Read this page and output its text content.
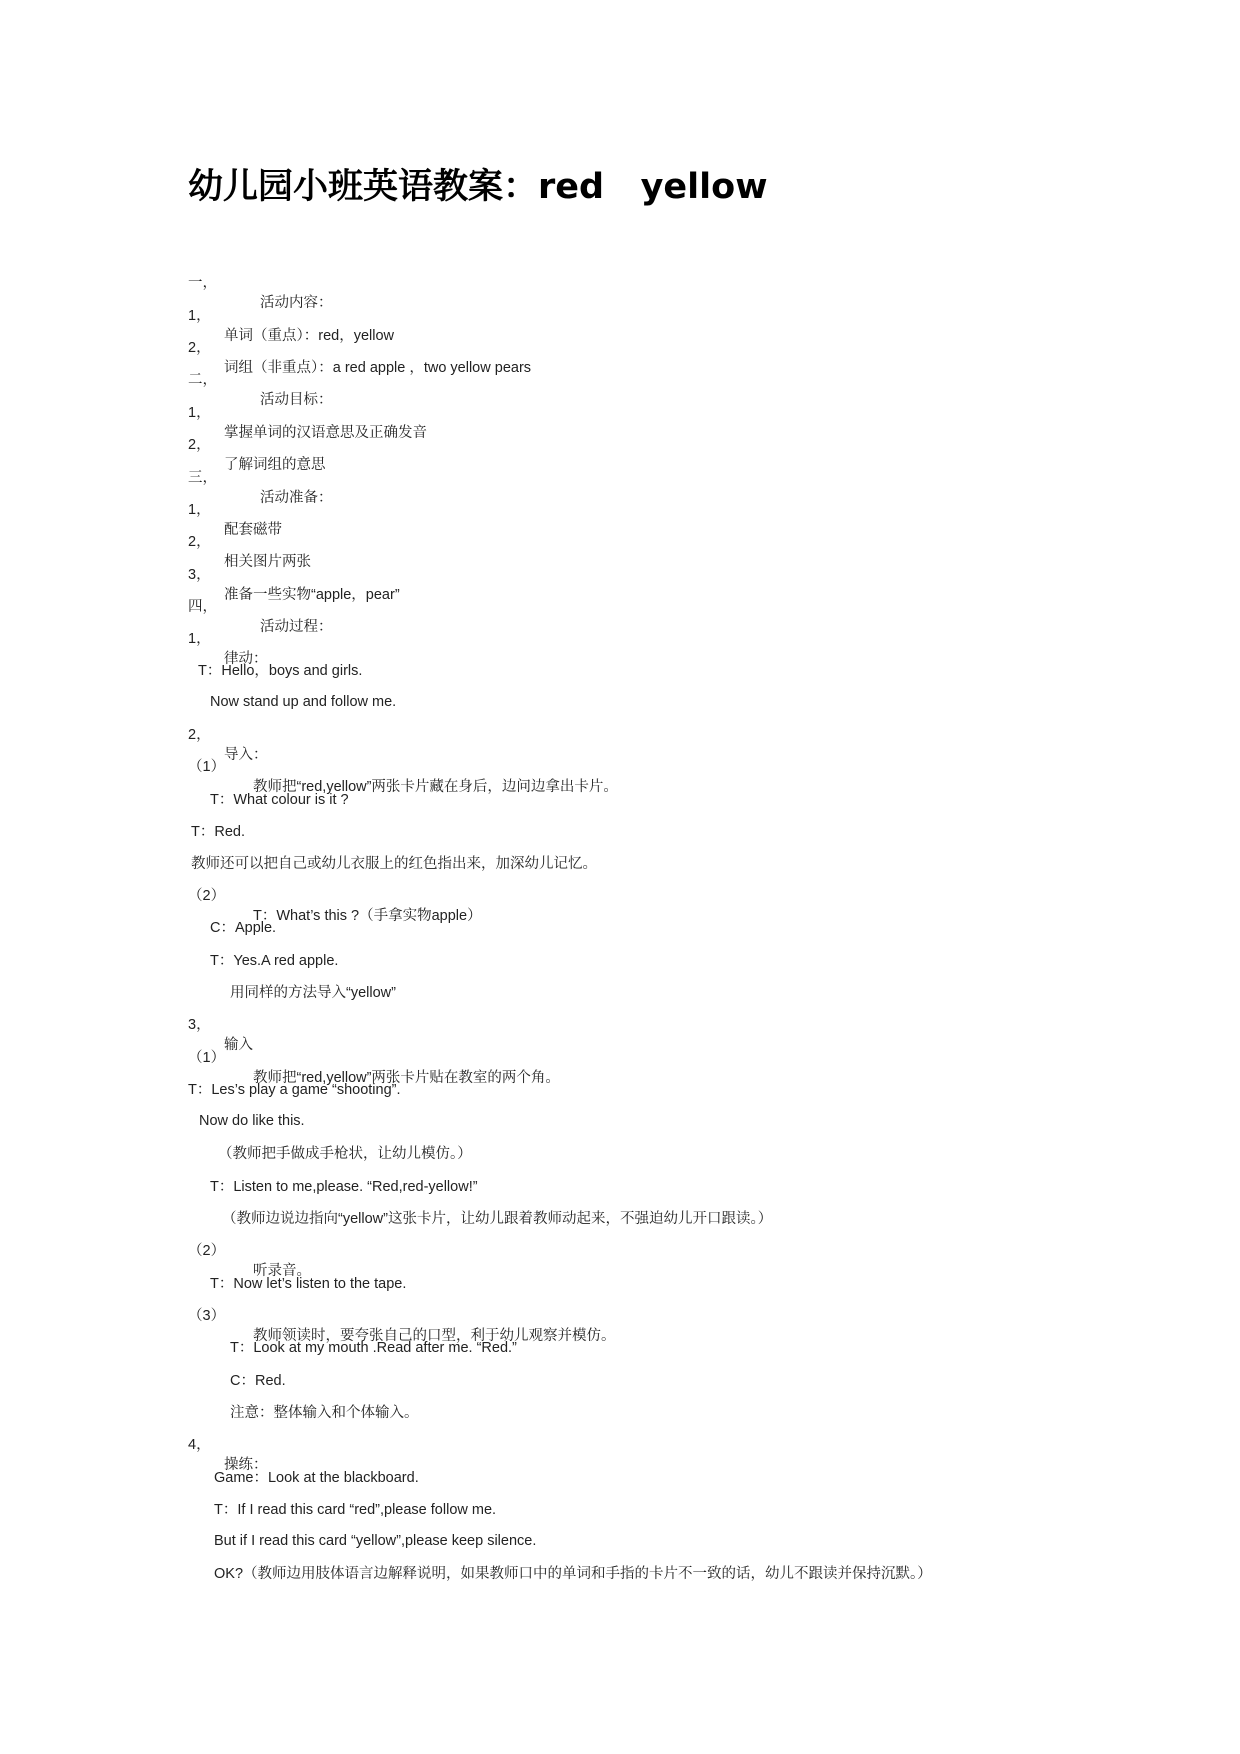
幼儿园小班英语教案：red   yellow

一，

活动内容：

1，

单词（重点）：red，yellow

2，

词组（非重点）：a red apple ，two yellow pears

二，

活动目标：

1，

掌握单词的汉语意思及正确发音

2，

了解词组的意思

三，

活动准备：

1，

配套磁带

2，

相关图片两张

3，

准备一些实物“apple，pear”

四，

活动过程：

1，

律动：

T：Hello，boys and girls.

Now stand up and follow me.

2，

导入：

（1）

教师把“red,yellow”两张卡片藏在身后，边问边拿出卡片。

T：What colour is it ?

T：Red.

教师还可以把自己或幼儿衣服上的红色指出来，加深幼儿记忆。

（2）

T：What’s this ?（手拿实物apple）

C：Apple.

T：Yes.A red apple.

用同样的方法导入“yellow”

3，

输入

（1）

教师把“red,yellow”两张卡片贴在教室的两个角。

T：Les’s play a game “shooting”.

Now do like this.

（教师把手做成手枪状，让幼儿模仿。）

T：Listen to me,please. “Red,red-yellow!”

（教师边说边指向“yellow”这张卡片，让幼儿跟着教师动起来，不强迫幼儿开口跟读。）

（2）

听录音。

T：Now let’s listen to the tape.

（3）

教师领读时，要夸张自己的口型，利于幼儿观察并模仿。

T：Look at my mouth .Read after me. “Red.”

C：Red.

注意：整体输入和个体输入。

4，

操练：

Game：Look at the blackboard.

T：If I read this card “red”,please follow me.

But if I read this card “yellow”,please keep silence.

OK?（教师边用肢体语言边解释说明，如果教师口中的单词和手指的卡片不一致的话，幼儿不跟读并保持沉默。）
